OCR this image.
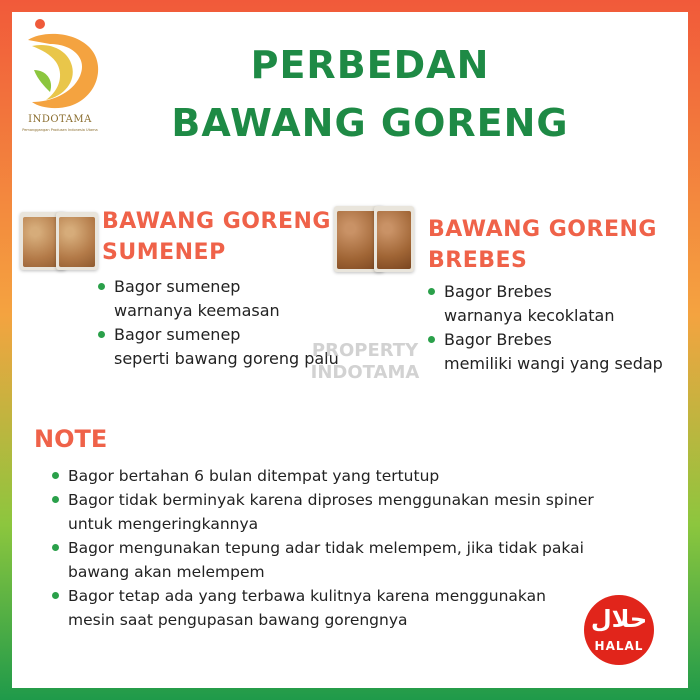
INDOTAMA
Pemanggangan Produsen Indonesia Utama
PERBEDAN
BAWANG GORENG
BAWANG GORENG
SUMENEP
Bagor sumenep
warnanya keemasan
Bagor sumenep
seperti bawang goreng palu
BAWANG GORENG
BREBES
Bagor Brebes
warnanya kecoklatan
Bagor Brebes
memiliki wangi yang sedap
PROPERTY
INDOTAMA
NOTE
Bagor bertahan 6 bulan ditempat yang tertutup
Bagor tidak berminyak karena diproses menggunakan mesin spiner
untuk mengeringkannya
Bagor mengunakan tepung adar tidak melempem, jika tidak pakai
bawang akan melempem
Bagor tetap ada yang terbawa kulitnya karena menggunakan
mesin saat pengupasan bawang gorengnya	حلال
HALAL
